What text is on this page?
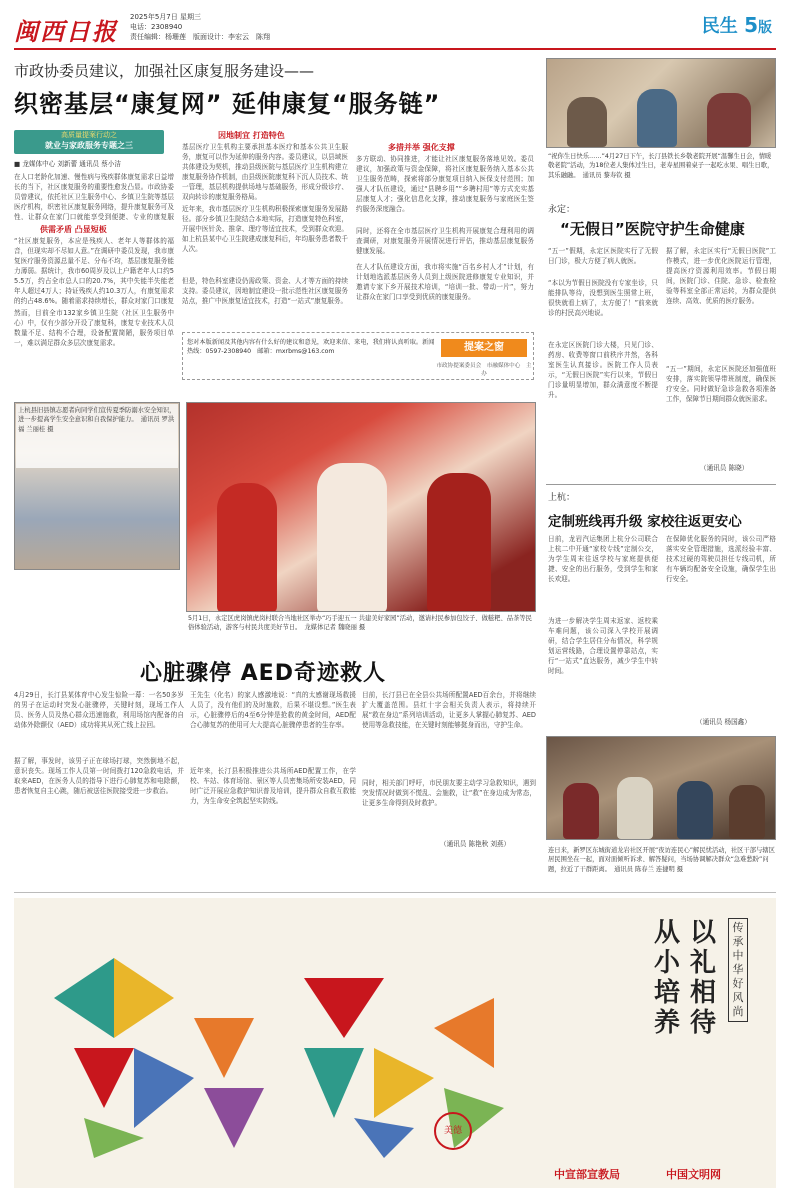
闽西日报 2025年5月7日 星期三
电话：2308940
责任编辑：杨珊莲　版面设计：李宏云　陈翔	民生 5版
市政协委员建议，加强社区康复服务建设——
织密基层“康复网” 延伸康复“服务链”
高质量提案行动之
就业与家政服务专题之三
■ 龙媒体中心 刘新蕾 通讯员 蔡小洁
在人口老龄化加速、慢性病与残疾群体康复需求日益增长的当下，社区康复服务的重要性愈发凸显。市政协委员曾建议，依托社区卫生服务中心、乡镇卫生院等基层医疗机构，织密社区康复服务网络，提升康复服务可及性，让群众在家门口就能享受到便捷、专业的康复服
供需矛盾 凸显短板
“社区康复服务，本应是残疾人、老年人等群体的福音，但现实却不尽如人意。”在调研中委员发现，我市康复医疗服务资源总量不足、分布不均，基层康复服务能力薄弱。据统计，我市60周岁及以上户籍老年人口约55.5万，约占全市总人口的20.7%，其中失能半失能老年人超过4万人；持证残疾人约10.3万人，有康复需求的约占48.6%。随着需求持续增长，群众对家门口康复
然而，目前全市132家乡镇卫生院（社区卫生服务中心）中，仅有少部分开设了康复科，康复专业技术人员数量不足、结构不合理，设备配置简陋，服务项目单一，难以满足群众多层次康复需求。
因地制宜 打造特色
基层医疗卫生机构主要承担基本医疗和基本公共卫生服务，康复可以作为延伸的服务内容。委员建议，以县域医共体建设为契机，推动县级医院与基层医疗卫生机构建立康复服务协作机制，由县级医院康复科下沉人员技术、统一管理，基层机构提供场地与基础服务，形成分级诊疗、双向转诊的康复服务格局。
近年来，我市基层医疗卫生机构积极探索康复服务发展路径。部分乡镇卫生院结合本地实际，打造康复特色科室，开展中医针灸、推拿、理疗等适宜技术，受到群众欢迎。如上杭县某中心卫生院建成康复科后，年均服务患者数千人次。
但是，特色科室建设仍需政策、资金、人才等方面的持续支持。委员建议，因地制宜建设一批示范性社区康复服务站点，推广中医康复适宜技术，打造“一站式”康复服务。
多措并举 强化支撑
多方联动、协同推进，才能让社区康复服务落地见效。委员建议，加强政策与资金保障，将社区康复服务纳入基本公共卫生服务范畴，探索将部分康复项目纳入医保支付范围；加强人才队伍建设，通过“县聘乡用”“乡聘村用”等方式充实基层康复人才；强化信息化支撑，推动康复服务与家庭医生签约服务深度融合。
同时，还将在全市基层医疗卫生机构开展康复合理利用的调查调研，对康复服务开展情况进行评估，推动基层康复服务健康发展。
在人才队伍建设方面，我市将实施“百名乡村人才”计划，有计划地选派基层医务人员到上级医院进修康复专业知识，并邀请专家下乡开展技术培训，“培训一批、带动一片”，努力让群众在家门口享受到优质的康复服务。
您对本版新闻及其他内容有什么好的建议和意见，欢迎来信、来电，我们将认真听取。新闻热线：0597-2308940　邮箱：mxrbms@163.com	提案之窗
市政协提案委员会　市融媒体中心　主办
“祝你生日快乐……”4月27日下午，长汀县铁长乡敬老院开展“温馨生日会，情暖敬老院”活动，为18位老人集体过生日，老寿星围着桌子一起吃水果、唱生日歌，其乐融融。　通讯员 黎寿钦 摄
永定：
“无假日”医院守护生命健康
“五一”假期，永定区医院实行了无假日门诊，极大方便了病人就医。
“本以为节假日医院没有专家坐诊，只能排队等待，没想到医生照常上班，很快就看上病了，太方便了！”前来就诊的村民高兴地说。
在永定区医院门诊大楼，只见门诊、药房、收费等窗口前秩序井然，各科室医生认真接诊。医院工作人员表示，“无假日医院”实行以来，节假日门诊量明显增加，群众满意度不断提升。
据了解，永定区实行“无假日医院”工作模式，进一步优化医院运行管理，提高医疗资源利用效率。节假日期间，医院门诊、住院、急诊、检查检验等科室全部正常运转，为群众提供连续、高效、优质的医疗服务。
“五一”期间，永定区医院还加强值班安排，落实院领导带班制度，确保医疗安全。同时做好急诊急救各项准备工作，保障节日期间群众就医需求。
（通讯员 陈晓）
上杭：
定制班线再升级 家校往返更安心
日前，龙岩汽运集团上杭分公司联合上杭二中开通“家校专线”定制公交，为学生周末往返学校与家庭提供便捷、安全的出行服务，受到学生和家长欢迎。
为进一步解决学生周末返家、返校乘车难问题，该公司深入学校开展调研，结合学生居住分布情况，科学规划运营线路，合理设置停靠站点，实行“一站式”直达服务，减少学生中转时间。
在保障优化服务的同时，该公司严格落实安全管理措施，选派经验丰富、技术过硬的驾驶员担任专线司机，所有车辆均配备安全设施，确保学生出行安全。
（通讯员 杨国鑫）
连日来，新罗区东城街道龙岩社区开展“夜访连民心”解民忧活动，社区干部与辖区居民围坐在一起，面对面倾听诉求、解答疑问，当场协调解决群众“急难愁盼”问题，拉近了干群距离。　通讯员 陈春兰 连捷明 摄
上杭县旧县镇志愿者向同学们宣传夏季防溺水安全知识，进一步提高学生安全意识和自我保护能力。　通讯员 罗洪福 兰丽桂 摄
5月1日，永定区虎岗镇虎岗村联合当地社区举办“巧手迎五一 共建美好家园”活动，邀请村民参加包饺子、做糍粑、品茶等民俗体验活动，游客与村民共度美好节日。　龙媒体记者 魏晓丽 摄
心脏骤停 AED奇迹救人
4月29日，长汀县某体育中心发生惊险一幕：一名50多岁的男子在运动时突发心脏骤停，关键时刻，现场工作人员、医务人员及热心群众迅速施救，利用场馆内配备的自动体外除颤仪（AED）成功将其从死亡线上拉回。
据了解，事发时，该男子正在球场打球，突然倒地不起，意识丧失。现场工作人员第一时间拨打120急救电话，并取来AED，在医务人员的指导下进行心肺复苏和电除颤，患者恢复自主心跳，随后被送往医院接受进一步救治。
王先生（化名）的家人感激地说：“真的太感谢现场救援人员了，没有他们的及时施救，后果不堪设想。”医生表示，心脏骤停后的4至6分钟是抢救的黄金时间，AED配合心肺复苏的使用可大大提高心脏骤停患者的生存率。
近年来，长汀县积极推进公共场所AED配置工作，在学校、车站、体育场馆、景区等人员密集场所安装AED，同时广泛开展应急救护知识普及培训，提升群众自救互救能力，为生命安全筑起坚实防线。
目前，长汀县已在全县公共场所配置AED百余台，并将继续扩大覆盖范围。县红十字会相关负责人表示，将持续开展“救在身边”系列培训活动，让更多人掌握心肺复苏、AED使用等急救技能，在关键时刻能够挺身而出，守护生命。
同时，相关部门呼吁，市民朋友要主动学习急救知识，遇到突发情况时做到不慌乱、会施救，让“救”在身边成为常态，让更多生命得到及时救护。
（通讯员 陈艳秋 刘燕）
美德
以礼相待
从小培养
传承中华好风尚
中宣部宣教局	中国文明网
